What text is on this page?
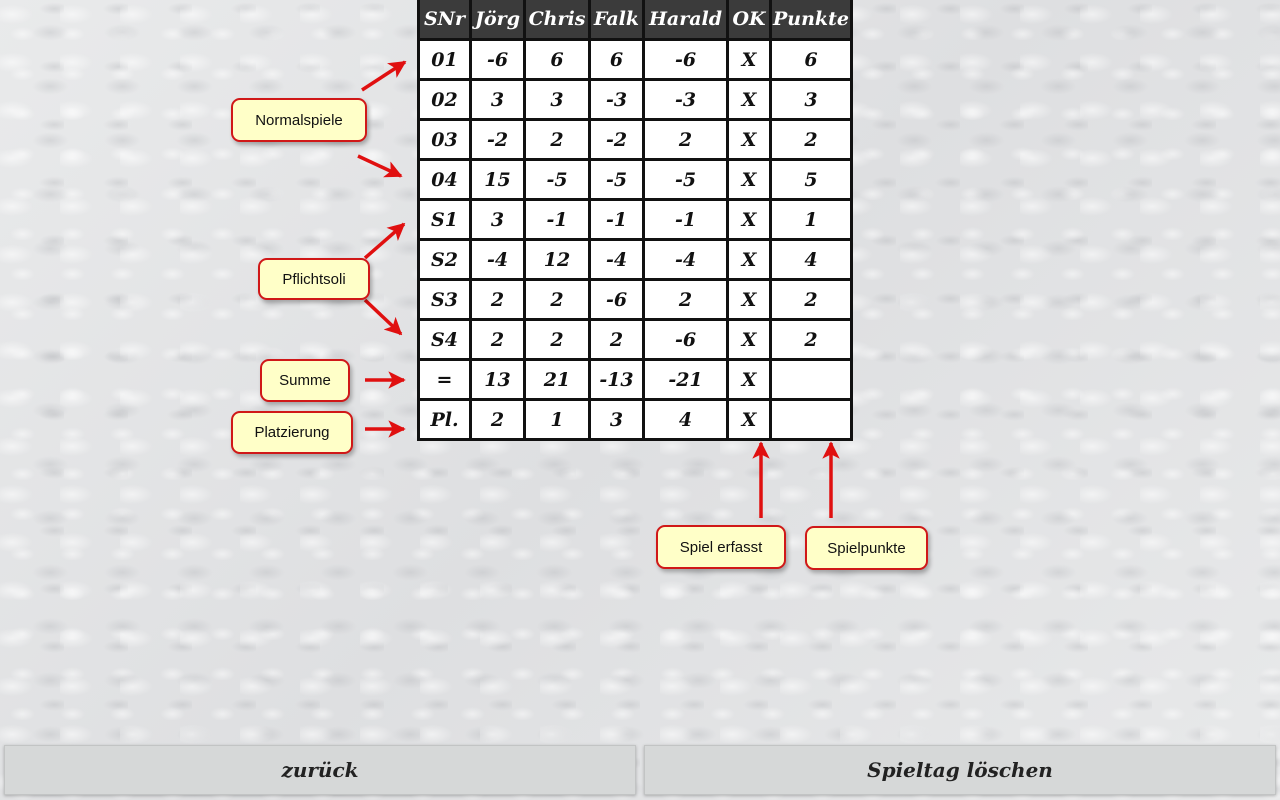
SNr	Jörg	Chris	Falk	Harald	OK	Punkte
01	-6	6	6	-6	X	6
02	3	3	-3	-3	X	3
03	-2	2	-2	2	X	2
04	15	-5	-5	-5	X	5
S1	3	-1	-1	-1	X	1
S2	-4	12	-4	-4	X	4
S3	2	2	-6	2	X	2
S4	2	2	2	-6	X	2
=	13	21	-13	-21	X	
Pl.	2	1	3	4	X	
Normalspiele
Pflichtsoli
Summe
Platzierung
Spiel erfasst	Spielpunkte
zurück	Spieltag löschen
